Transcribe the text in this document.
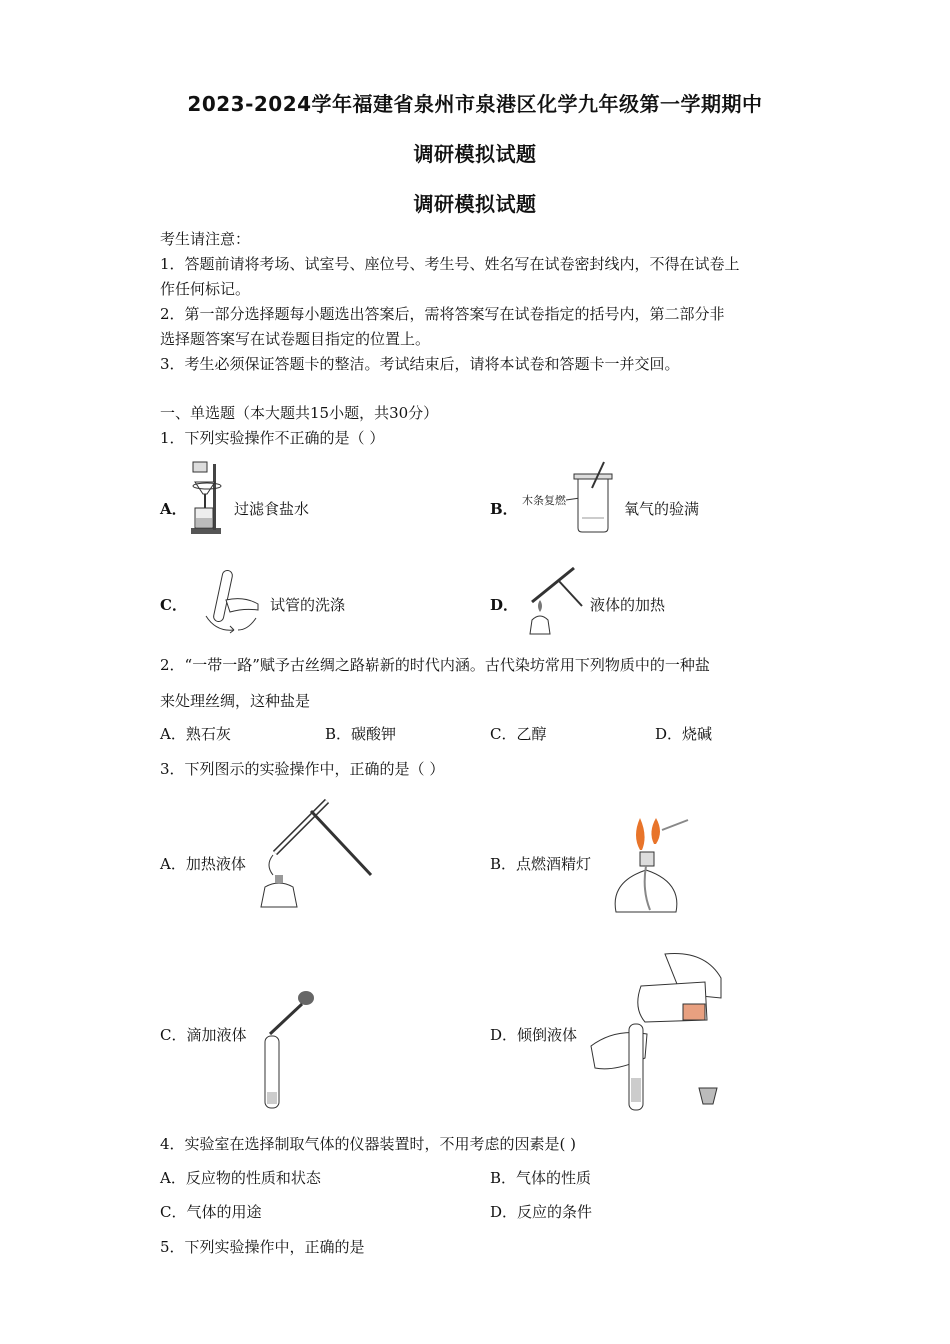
2023-2024学年福建省泉州市泉港区化学九年级第一学期期中
调研模拟试题
调研模拟试题
考生请注意：
1．答题前请将考场、试室号、座位号、考生号、姓名写在试卷密封线内，不得在试卷上
作任何标记。
2．第一部分选择题每小题选出答案后，需将答案写在试卷指定的括号内，第二部分非
选择题答案写在试卷题目指定的位置上。
3．考生必须保证答题卡的整洁。考试结束后，请将本试卷和答题卡一并交回。
一、单选题（本大题共15小题，共30分）
1．下列实验操作不正确的是（ ）
A．	过滤食盐水	B． 木条复燃	氧气的验满
C．	试管的洗涤	D．	液体的加热
2．“一带一路”赋予古丝绸之路崭新的时代内涵。古代染坊常用下列物质中的一种盐
来处理丝绸，这种盐是
A．熟石灰	B．碳酸钾	C．乙醇	D．烧碱
3．下列图示的实验操作中，正确的是（ ）
A．加热液体	B．点燃酒精灯
C．滴加液体	D．倾倒液体
4．实验室在选择制取气体的仪器装置时，不用考虑的因素是( )
A．反应物的性质和状态	B．气体的性质
C．气体的用途	D．反应的条件
5．下列实验操作中，正确的是
